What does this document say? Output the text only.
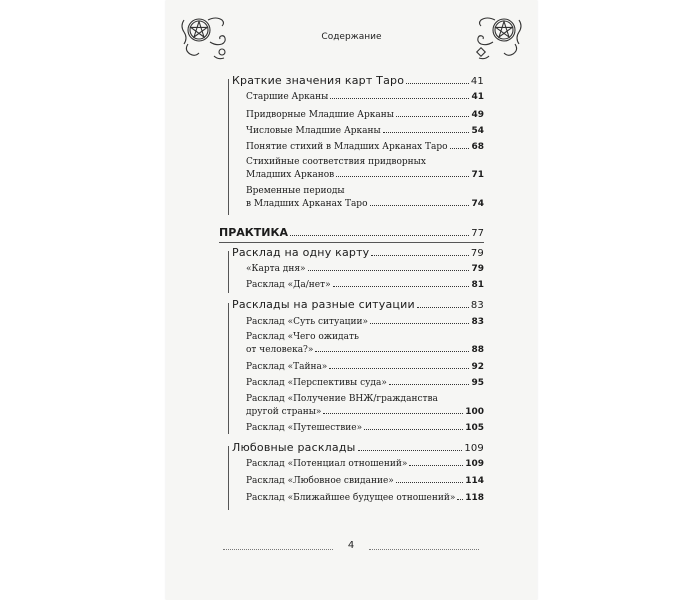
Содержание
Краткие значения карт Таро	41
Старшие Арканы	41
Придворные Младшие Арканы	49
Числовые Младшие Арканы	54
Понятие стихий в Младших Арканах Таро	68
Стихийные соответствия придворных
Младших Арканов	71
Временные периоды
в Младших Арканах Таро	74
ПРАКТИКА	77
Расклад на одну карту	79
«Карта дня»	79
Расклад «Да/нет»	81
Расклады на разные ситуации	83
Расклад «Суть ситуации»	83
Расклад «Чего ожидать
от человека?»	88
Расклад «Тайна»	92
Расклад «Перспективы суда»	95
Расклад «Получение ВНЖ/гражданства
другой страны»	100
Расклад «Путешествие»	105
Любовные расклады	109
Расклад «Потенциал отношений»	109
Расклад «Любовное свидание»	114
Расклад «Ближайшее будущее отношений» 118
4
